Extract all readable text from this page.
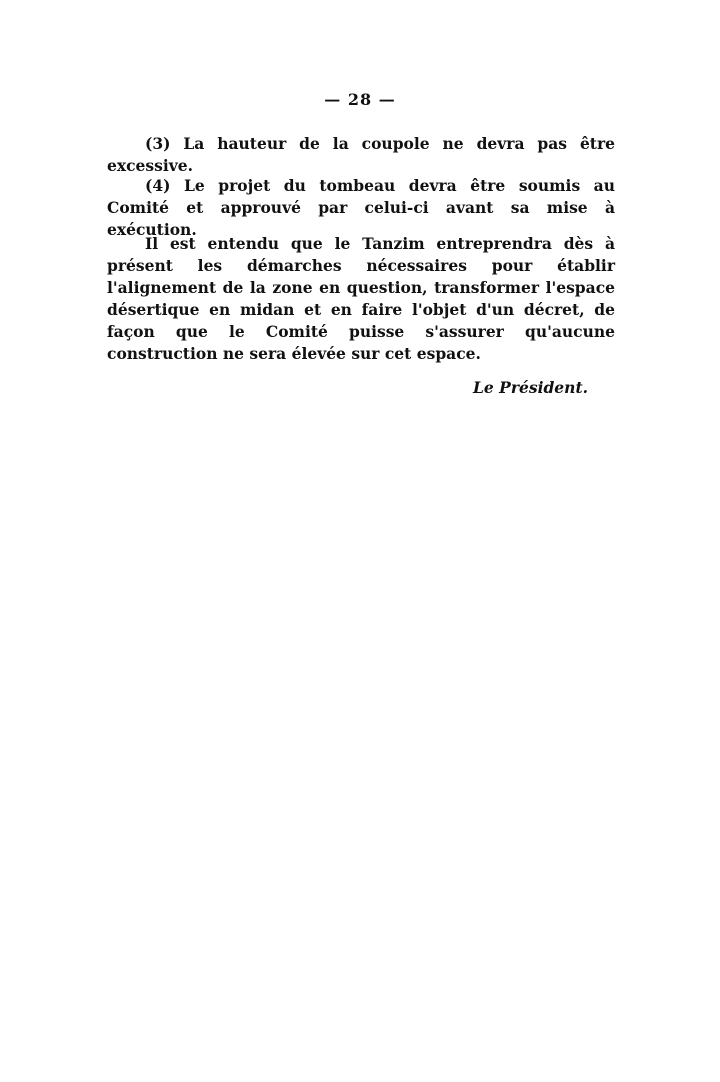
— 28 —

(3) La hauteur de la coupole ne devra pas être excessive.

(4) Le projet du tombeau devra être soumis au Comité et approuvé par celui-ci avant sa mise à exécution.

Il est entendu que le Tanzim entreprendra dès à présent les démarches nécessaires pour établir l'alignement de la zone en question, transformer l'espace désertique en midan et en faire l'objet d'un décret, de façon que le Comité puisse s'assurer qu'aucune construction ne sera élevée sur cet espace.

Le Président.
